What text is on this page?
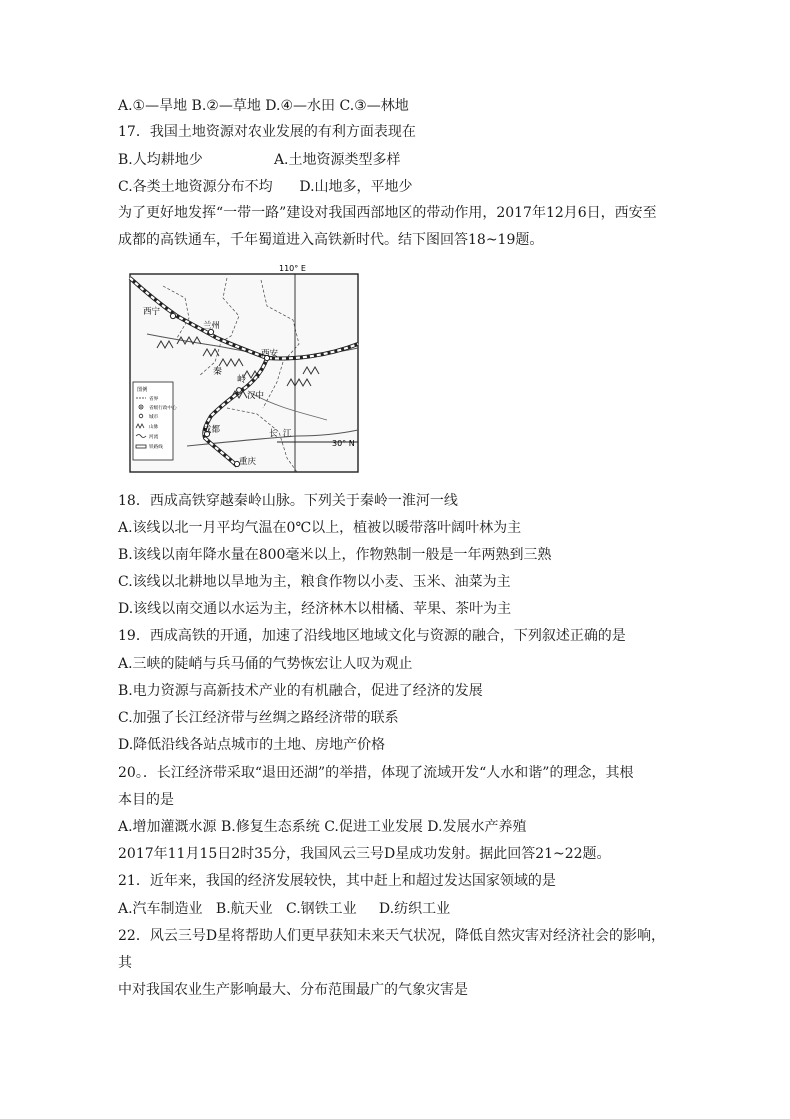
A.①—旱地 B.②—草地 D.④—水田 C.③—林地
17．我国土地资源对农业发展的有利方面表现在
B.人均耕地少                A.土地资源类型多样
C.各类土地资源分布不均      D.山地多，平地少
为了更好地发挥“一带一路”建设对我国西部地区的带动作用，2017年12月6日，西安至
成都的高铁通车，千年蜀道进入高铁新时代。结下图回答18~19题。
110° E
30° N
西宁
兰州
西安
秦
岭
汉中
成都	长  江
重庆
图例
省界
省级行政中心
城市
山脉
河流
铁路线
18．西成高铁穿越秦岭山脉。下列关于秦岭一淮河一线
A.该线以北一月平均气温在0℃以上，植被以暖带落叶阔叶林为主
B.该线以南年降水量在800毫米以上，作物熟制一般是一年两熟到三熟
C.该线以北耕地以旱地为主，粮食作物以小麦、玉米、油菜为主
D.该线以南交通以水运为主，经济林木以柑橘、苹果、茶叶为主
19．西成高铁的开通，加速了沿线地区地域文化与资源的融合，下列叙述正确的是
A.三峡的陡峭与兵马俑的气势恢宏让人叹为观止
B.电力资源与高新技术产业的有机融合，促进了经济的发展
C.加强了长江经济带与丝绸之路经济带的联系
D.降低沿线各站点城市的土地、房地产价格
20。．长江经济带采取“退田还湖”的举措，体现了流域开发“人水和谐”的理念，其根
本目的是
A.增加灌溉水源 B.修复生态系统 C.促进工业发展 D.发展水产养殖
2017年11月15日2时35分，我国风云三号D星成功发射。据此回答21~22题。
21．近年来，我国的经济发展较快，其中赶上和超过发达国家领域的是
A.汽车制造业   B.航天业   C.钢铁工业     D.纺织工业
22．风云三号D星将帮助人们更早获知未来天气状况，降低自然灾害对经济社会的影响，
其
中对我国农业生产影响最大、分布范围最广的气象灾害是
